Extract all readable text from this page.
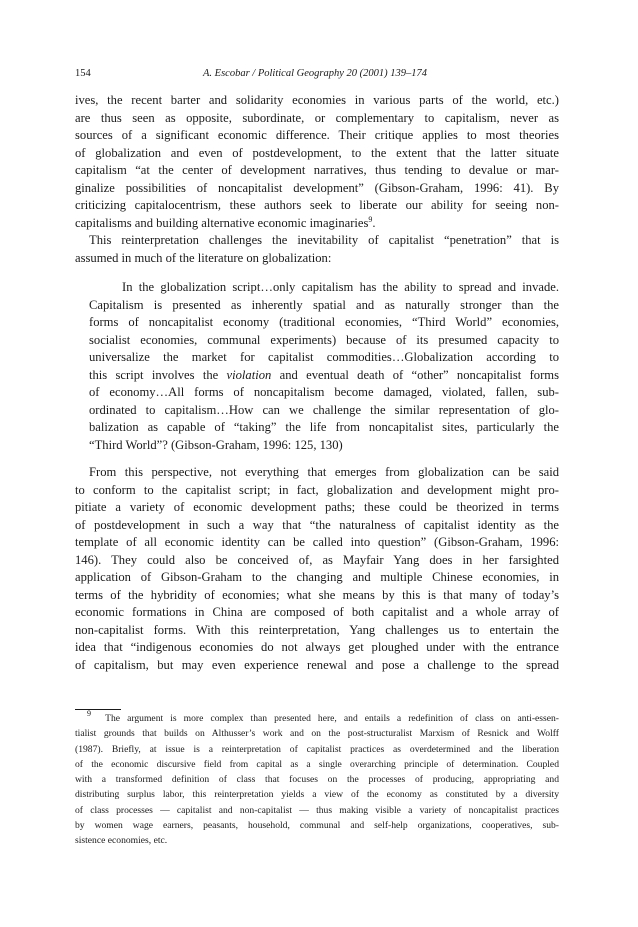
154	A. Escobar / Political Geography 20 (2001) 139–174
ives, the recent barter and solidarity economies in various parts of the world, etc.)
are thus seen as opposite, subordinate, or complementary to capitalism, never as
sources of a significant economic difference. Their critique applies to most theories
of globalization and even of postdevelopment, to the extent that the latter situate
capitalism “at the center of development narratives, thus tending to devalue or mar-
ginalize possibilities of noncapitalist development” (Gibson-Graham, 1996: 41). By
criticizing capitalocentrism, these authors seek to liberate our ability for seeing non-
capitalisms and building alternative economic imaginaries$^9$.
This reinterpretation challenges the inevitability of capitalist “penetration” that is
assumed in much of the literature on globalization:
In the globalization script…only capitalism has the ability to spread and invade.
Capitalism is presented as inherently spatial and as naturally stronger than the
forms of noncapitalist economy (traditional economies, “Third World” economies,
socialist economies, communal experiments) because of its presumed capacity to
universalize the market for capitalist commodities…Globalization according to
this script involves the violation and eventual death of “other” noncapitalist forms
of economy…All forms of noncapitalism become damaged, violated, fallen, sub-
ordinated to capitalism…How can we challenge the similar representation of glo-
balization as capable of “taking” the life from noncapitalist sites, particularly the
“Third World”? (Gibson-Graham, 1996: 125, 130)
From this perspective, not everything that emerges from globalization can be said
to conform to the capitalist script; in fact, globalization and development might pro-
pitiate a variety of economic development paths; these could be theorized in terms
of postdevelopment in such a way that “the naturalness of capitalist identity as the
template of all economic identity can be called into question” (Gibson-Graham, 1996:
146). They could also be conceived of, as Mayfair Yang does in her farsighted
application of Gibson-Graham to the changing and multiple Chinese economies, in
terms of the hybridity of economies; what she means by this is that many of today’s
economic formations in China are composed of both capitalist and a whole array of
non-capitalist forms. With this reinterpretation, Yang challenges us to entertain the
idea that “indigenous economies do not always get ploughed under with the entrance
of capitalism, but may even experience renewal and pose a challenge to the spread
$^9$ The argument is more complex than presented here, and entails a redefinition of class on anti-essen-
tialist grounds that builds on Althusser’s work and on the post-structuralist Marxism of Resnick and Wolff
(1987). Briefly, at issue is a reinterpretation of capitalist practices as overdetermined and the liberation
of the economic discursive field from capital as a single overarching principle of determination. Coupled
with a transformed definition of class that focuses on the processes of producing, appropriating and
distributing surplus labor, this reinterpretation yields a view of the economy as constituted by a diversity
of class processes — capitalist and non-capitalist — thus making visible a variety of noncapitalist practices
by women wage earners, peasants, household, communal and self-help organizations, cooperatives, sub-
sistence economies, etc.
